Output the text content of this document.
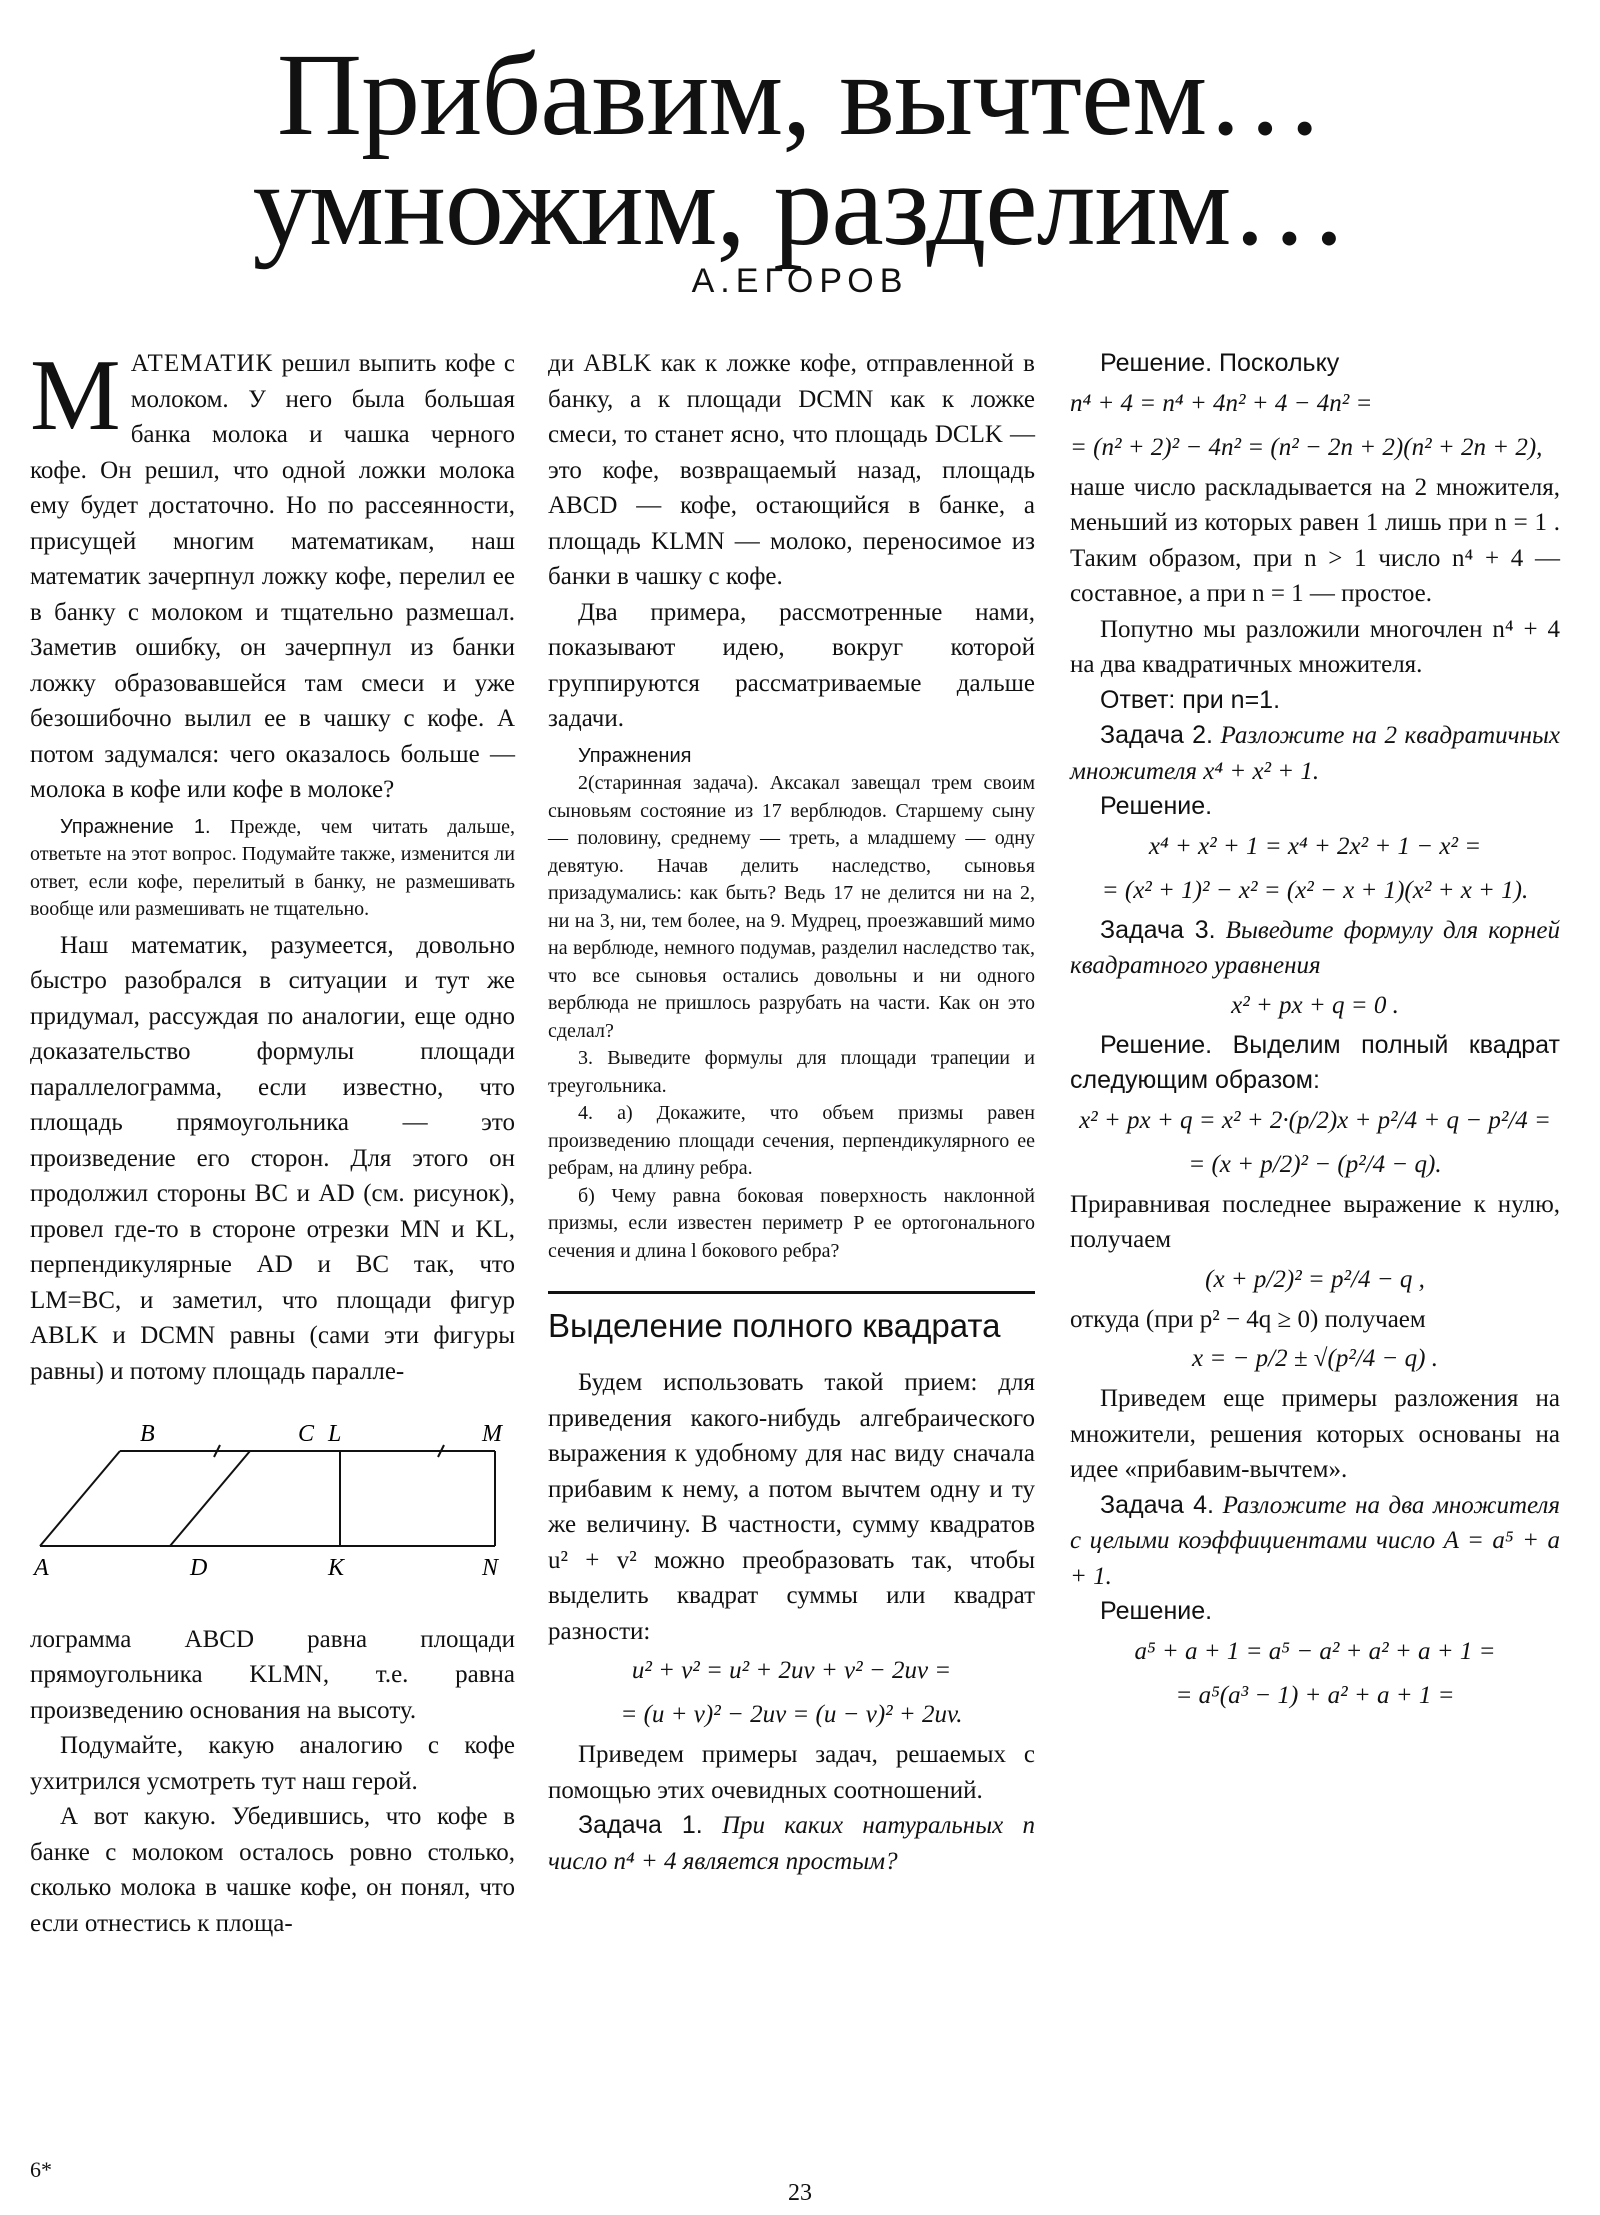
Прибавим, вычтем…
умножим, разделим…
А.ЕГОРОВ

МАТЕМАТИК решил выпить кофе с молоком. У него была большая банка молока и чашка черного кофе. Он решил, что одной ложки молока ему будет достаточно. Но по рассеянности, присущей многим математикам, наш математик зачерпнул ложку кофе, перелил ее в банку с молоком и тщательно размешал. Заметив ошибку, он зачерпнул из банки ложку образовавшейся там смеси и уже безошибочно вылил ее в чашку с кофе. А потом задумался: чего оказалось больше — молока в кофе или кофе в молоке?

Упражнение 1. Прежде, чем читать дальше, ответьте на этот вопрос. Подумайте также, изменится ли ответ, если кофе, перелитый в банку, не размешивать вообще или размешивать не тщательно.

Наш математик, разумеется, довольно быстро разобрался в ситуации и тут же придумал, рассуждая по аналогии, еще одно доказательство формулы площади параллелограмма, если известно, что площадь прямоугольника — это произведение его сторон. Для этого он продолжил стороны BC и AD (см. рисунок), провел где-то в стороне отрезки MN и KL, перпендикулярные AD и BC так, что LM=BC, и заметил, что площади фигур ABLK и DCMN равны (сами эти фигуры равны) и потому площадь паралле-

B	C L	M
A	D	K	N

лограмма ABCD равна площади прямоугольника KLMN, т.е. равна произведению основания на высоту.

Подумайте, какую аналогию с кофе ухитрился усмотреть тут наш герой.

А вот какую. Убедившись, что кофе в банке с молоком осталось ровно столько, сколько молока в чашке кофе, он понял, что если отнестись к площа-

ди ABLK как к ложке кофе, отправленной в банку, а к площади DCMN как к ложке смеси, то станет ясно, что площадь DCLK — это кофе, возвращаемый назад, площадь ABCD — кофе, остающийся в банке, а площадь KLMN — молоко, переносимое из банки в чашку с кофе.

Два примера, рассмотренные нами, показывают идею, вокруг которой группируются рассматриваемые дальше задачи.

Упражнения

2(старинная задача). Аксакал завещал трем своим сыновьям состояние из 17 верблюдов. Старшему сыну — половину, среднему — треть, а младшему — одну девятую. Начав делить наследство, сыновья призадумались: как быть? Ведь 17 не делится ни на 2, ни на 3, ни, тем более, на 9. Мудрец, проезжавший мимо на верблюде, немного подумав, разделил наследство так, что все сыновья остались довольны и ни одного верблюда не пришлось разрубать на части. Как он это сделал?

3. Выведите формулы для площади трапеции и треугольника.

4. а) Докажите, что объем призмы равен произведению площади сечения, перпендикулярного ее ребрам, на длину ребра.

б) Чему равна боковая поверхность наклонной призмы, если известен периметр P ее ортогонального сечения и длина l бокового ребра?

Выделение полного квадрата

Будем использовать такой прием: для приведения какого-нибудь алгебраического выражения к удобному для нас виду сначала прибавим к нему, а потом вычтем одну и ту же величину. В частности, сумму квадратов u² + v² можно преобразовать так, чтобы выделить квадрат суммы или квадрат разности:

u² + v² = u² + 2uv + v² − 2uv =

= (u + v)² − 2uv = (u − v)² + 2uv.

Приведем примеры задач, решаемых с помощью этих очевидных соотношений.

Задача 1. При каких натуральных n число n⁴ + 4 является простым?

Решение. Поскольку

n⁴ + 4 = n⁴ + 4n² + 4 − 4n² =

= (n² + 2)² − 4n² = (n² − 2n + 2)(n² + 2n + 2),

наше число раскладывается на 2 множителя, меньший из которых равен 1 лишь при n = 1 . Таким образом, при n > 1 число n⁴ + 4 — составное, а при n = 1 — простое.

Попутно мы разложили многочлен n⁴ + 4 на два квадратичных множителя.

Ответ: при n=1.

Задача 2. Разложите на 2 квадратичных множителя x⁴ + x² + 1.

Решение.

x⁴ + x² + 1 = x⁴ + 2x² + 1 − x² =

= (x² + 1)² − x² = (x² − x + 1)(x² + x + 1).

Задача 3. Выведите формулу для корней квадратного уравнения

x² + px + q = 0 .

Решение. Выделим полный квадрат следующим образом:

x² + px + q = x² + 2·(p/2)x + p²/4 + q − p²/4 =

= (x + p/2)² − (p²/4 − q).

Приравнивая последнее выражение к нулю, получаем

(x + p/2)² = p²/4 − q ,

откуда (при p² − 4q ≥ 0) получаем

x = − p/2 ± √(p²/4 − q) .

Приведем еще примеры разложения на множители, решения которых основаны на идее «прибавим-вычтем».

Задача 4. Разложите на два множителя с целыми коэффициентами число A = a⁵ + a + 1.

Решение.

a⁵ + a + 1 = a⁵ − a² + a² + a + 1 =

= a⁵(a³ − 1) + a² + a + 1 =

6*
23
